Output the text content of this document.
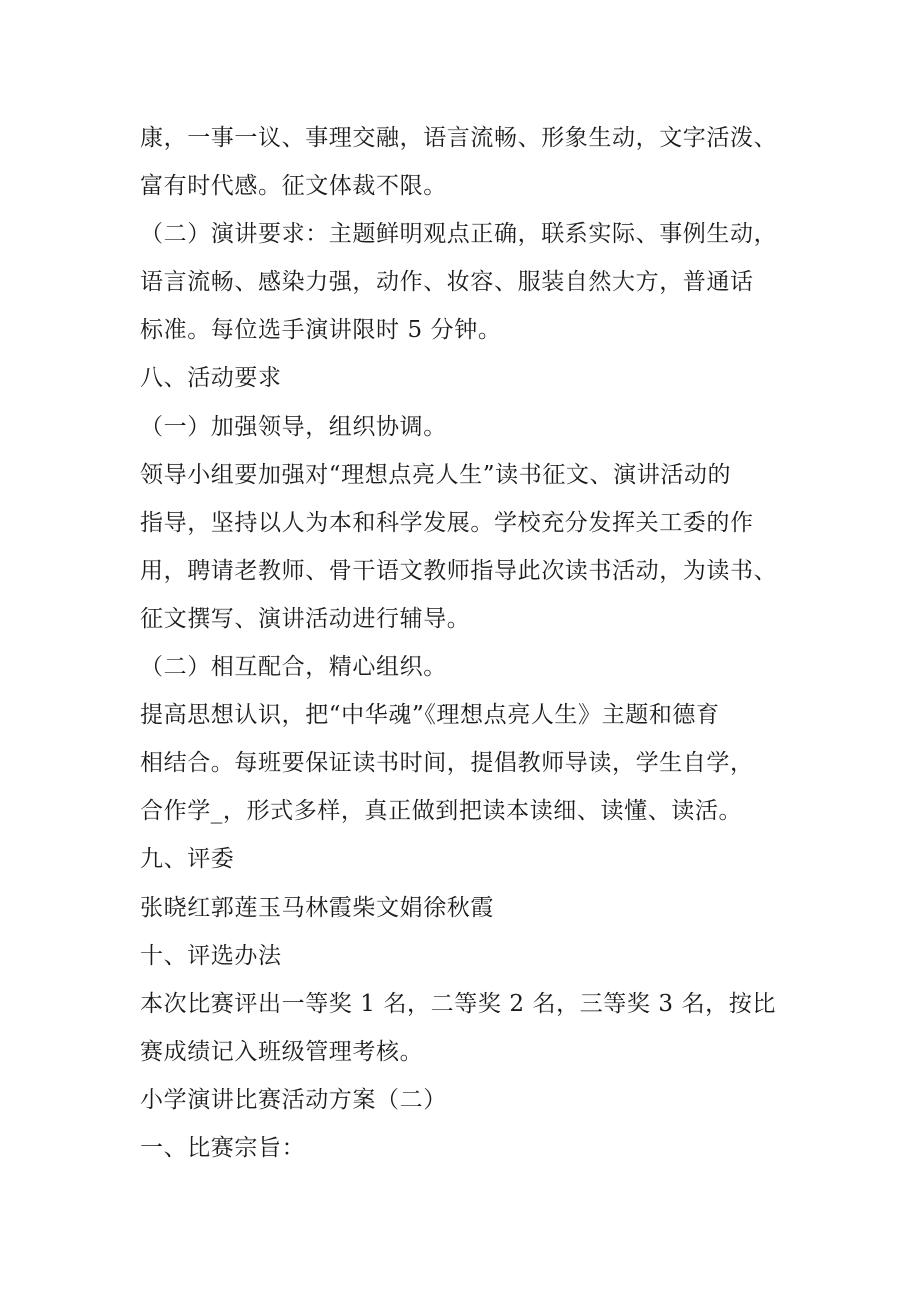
康，一事一议、事理交融，语言流畅、形象生动，文字活泼、
富有时代感。征文体裁不限。
（二）演讲要求：主题鲜明观点正确，联系实际、事例生动，
语言流畅、感染力强，动作、妆容、服装自然大方，普通话
标准。每位选手演讲限时 5 分钟。
八、活动要求
（一）加强领导，组织协调。
领导小组要加强对“理想点亮人生”读书征文、演讲活动的
指导，坚持以人为本和科学发展。学校充分发挥关工委的作
用，聘请老教师、骨干语文教师指导此次读书活动，为读书、
征文撰写、演讲活动进行辅导。
（二）相互配合，精心组织。
提高思想认识，把“中华魂”《理想点亮人生》主题和德育
相结合。每班要保证读书时间，提倡教师导读，学生自学，
合作学_，形式多样，真正做到把读本读细、读懂、读活。
九、评委
张晓红郭莲玉马林霞柴文娟徐秋霞
十、评选办法
本次比赛评出一等奖 1 名，二等奖 2 名，三等奖 3 名，按比
赛成绩记入班级管理考核。
小学演讲比赛活动方案（二）
一、比赛宗旨：
